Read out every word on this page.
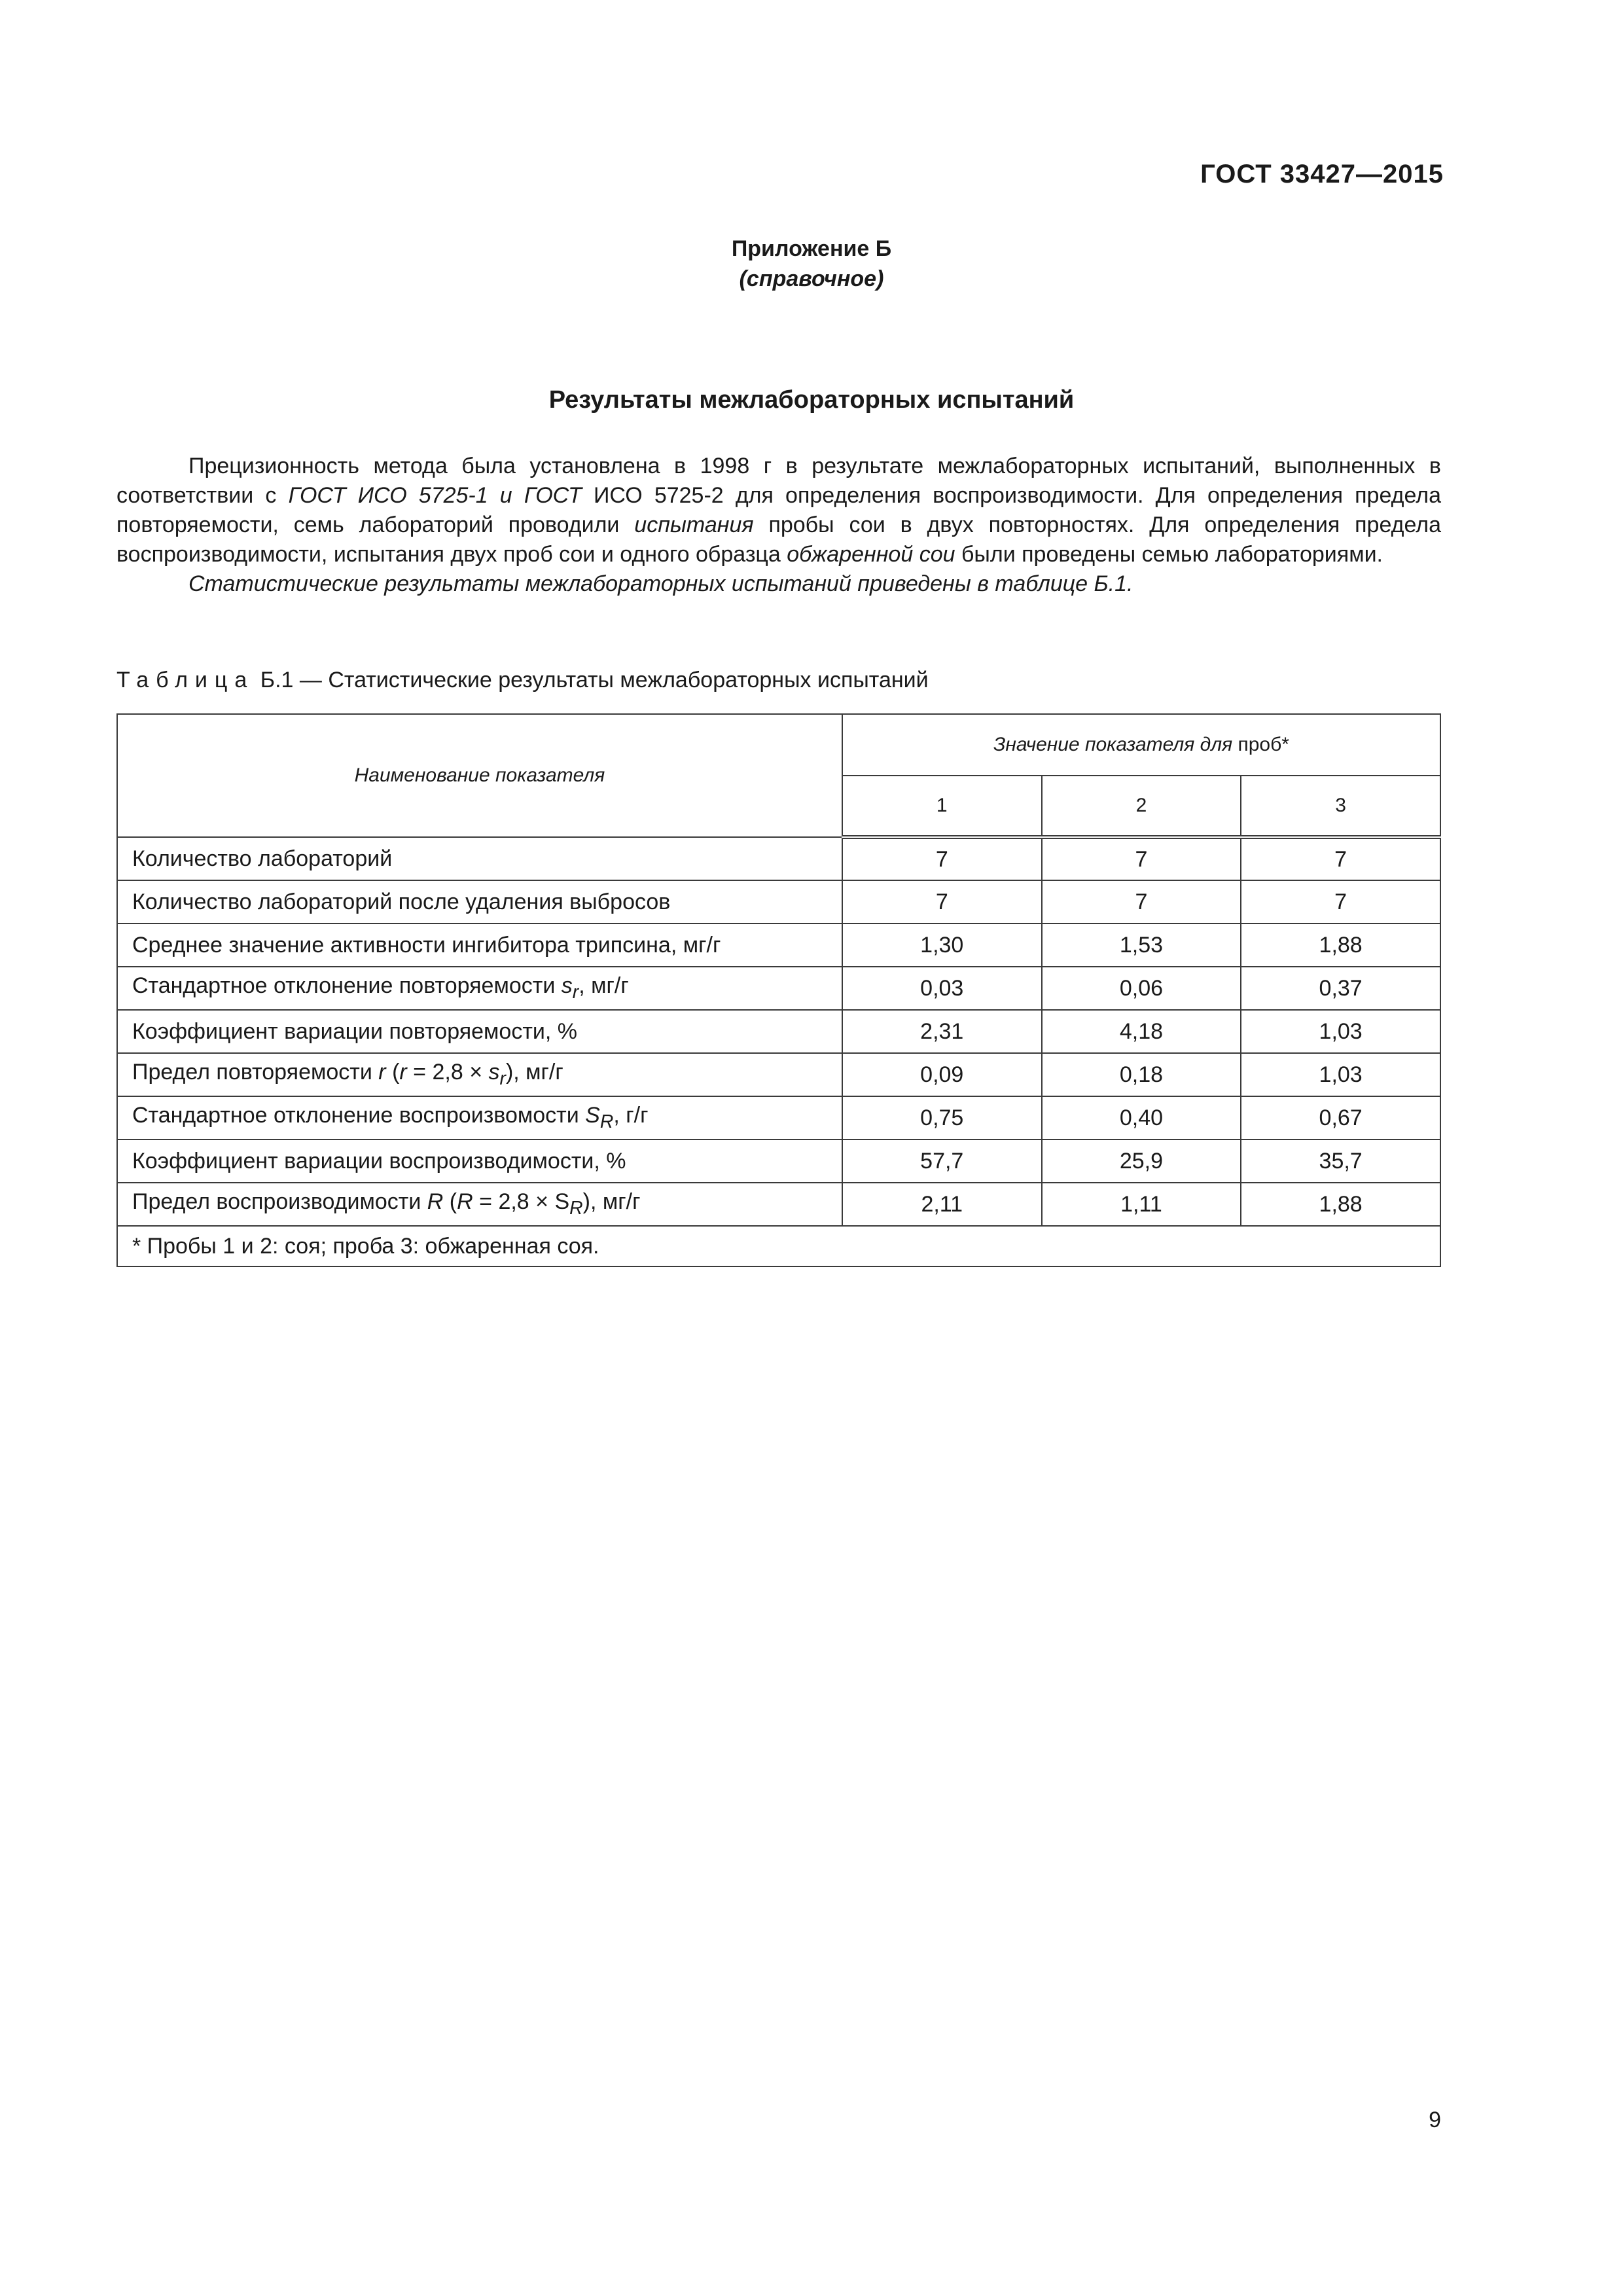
ГОСТ 33427—2015
Приложение Б
(справочное)
Результаты межлабораторных испытаний

Прецизионность метода была установлена в 1998 г в результате межлабораторных испытаний, выполненных в соответствии с ГОСТ ИСО 5725-1 и ГОСТ ИСО 5725-2 для определения воспроизводимости. Для определения предела повторяемости, семь лабораторий проводили испытания пробы сои в двух повторностях. Для определения предела воспроизводимости, испытания двух проб сои и одного образца обжаренной сои были проведены семью лабораториями.

Статистические результаты межлабораторных испытаний приведены в таблице Б.1.

Таблица Б.1 — Статистические результаты межлабораторных испытаний
Наименование показателя	Значение показателя для проб*		
	1	2	3
Количество лабораторий	7	7	7
Количество лабораторий после удаления выбросов	7	7	7
Среднее значение активности ингибитора трипсина, мг/г	1,30	1,53	1,88
Стандартное отклонение повторяемости $s_r$, мг/г	0,03	0,06	0,37
Коэффициент вариации повторяемости, %	2,31	4,18	1,03
Предел повторяемости r $(r = 2,8 \times s_r)$, мг/г	0,09	0,18	1,03
Стандартное отклонение воспроизвомости $S_R$, г/г	0,75	0,40	0,67
Коэффициент вариации воспроизводимости, %	57,7	25,9	35,7
Предел воспроизводимости R $(R = 2,8 \times S_R)$, мг/г	2,11	1,11	1,88
* Пробы 1 и 2: соя; проба 3: обжаренная соя.			
9
